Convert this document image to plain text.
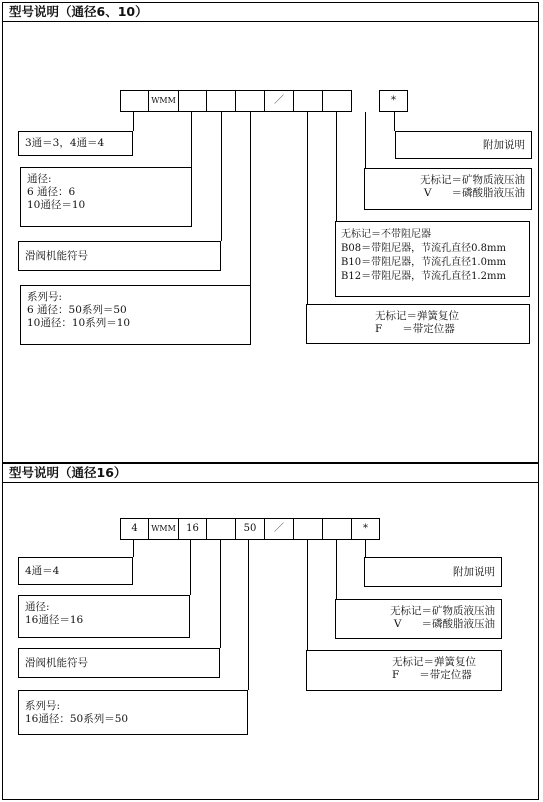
型号说明（通径6、10）
型号说明（通径16）
WMM	／	*
3通＝3，4通＝4
通径:
6 通径：6
10通径＝10
滑阀机能符号
系列号:
6 通径：50系列＝50
10通径：10系列＝10
附加说明
无标记＝矿物质液压油
V      ＝磷酸脂液压油
无标记＝不带阻尼器
B08＝带阻尼器，节流孔直径0.8mm
B10＝带阻尼器，节流孔直径1.0mm
B12＝带阻尼器，节流孔直径1.2mm
无标记＝弹簧复位
F      ＝带定位器
4	WMM	16	50	／	*
4通＝4
通径:
16通径＝16
滑阀机能符号
系列号:
16通径：50系列＝50
附加说明
无标记＝矿物质液压油
V      ＝磷酸脂液压油
无标记＝弹簧复位
F      ＝带定位器
